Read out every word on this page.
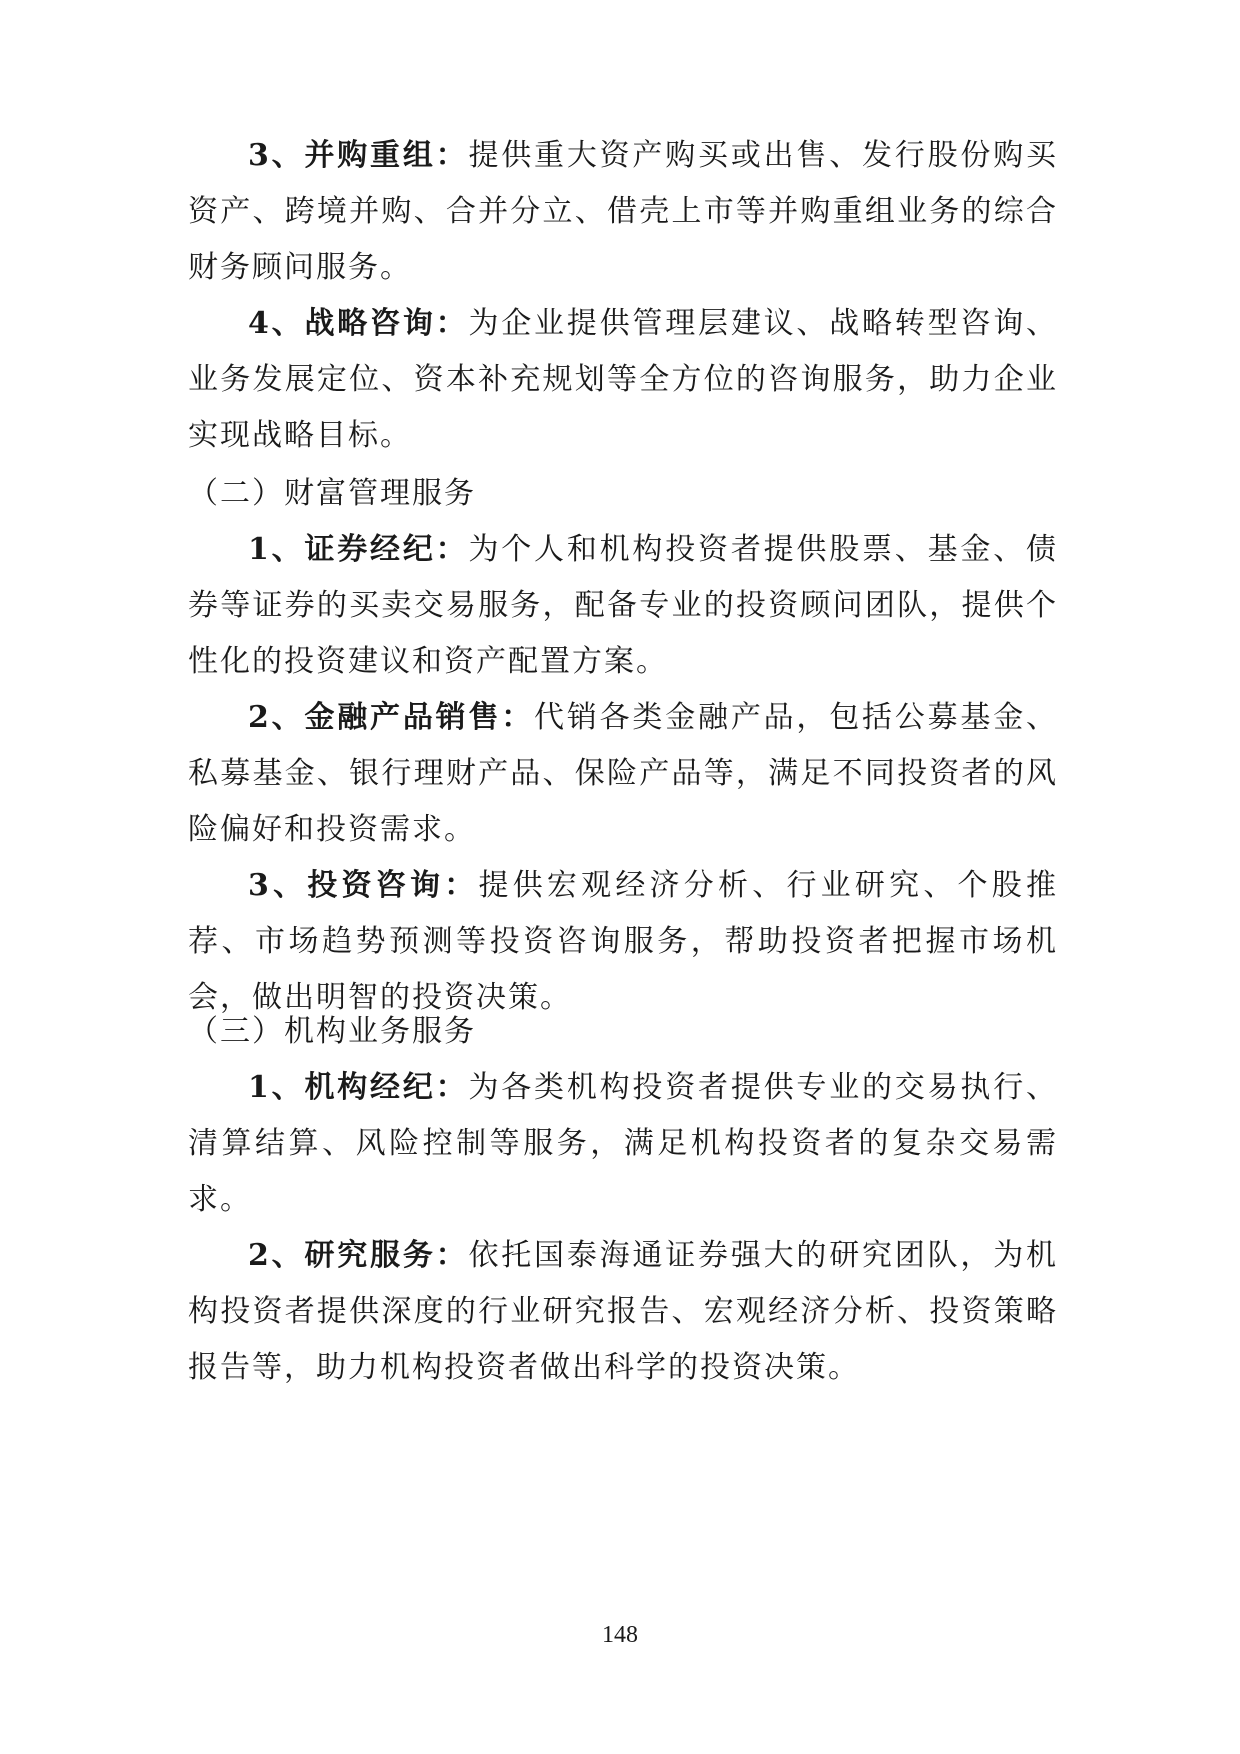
3、并购重组：提供重大资产购买或出售、发行股份购买资产、跨境并购、合并分立、借壳上市等并购重组业务的综合财务顾问服务。

4、战略咨询：为企业提供管理层建议、战略转型咨询、业务发展定位、资本补充规划等全方位的咨询服务，助力企业实现战略目标。

（二）财富管理服务

1、证券经纪：为个人和机构投资者提供股票、基金、债券等证券的买卖交易服务，配备专业的投资顾问团队，提供个性化的投资建议和资产配置方案。

2、金融产品销售：代销各类金融产品，包括公募基金、私募基金、银行理财产品、保险产品等，满足不同投资者的风险偏好和投资需求。

3、投资咨询：提供宏观经济分析、行业研究、个股推荐、市场趋势预测等投资咨询服务，帮助投资者把握市场机会，做出明智的投资决策。

（三）机构业务服务

1、机构经纪：为各类机构投资者提供专业的交易执行、清算结算、风险控制等服务，满足机构投资者的复杂交易需求。

2、研究服务：依托国泰海通证券强大的研究团队，为机构投资者提供深度的行业研究报告、宏观经济分析、投资策略报告等，助力机构投资者做出科学的投资决策。

148
